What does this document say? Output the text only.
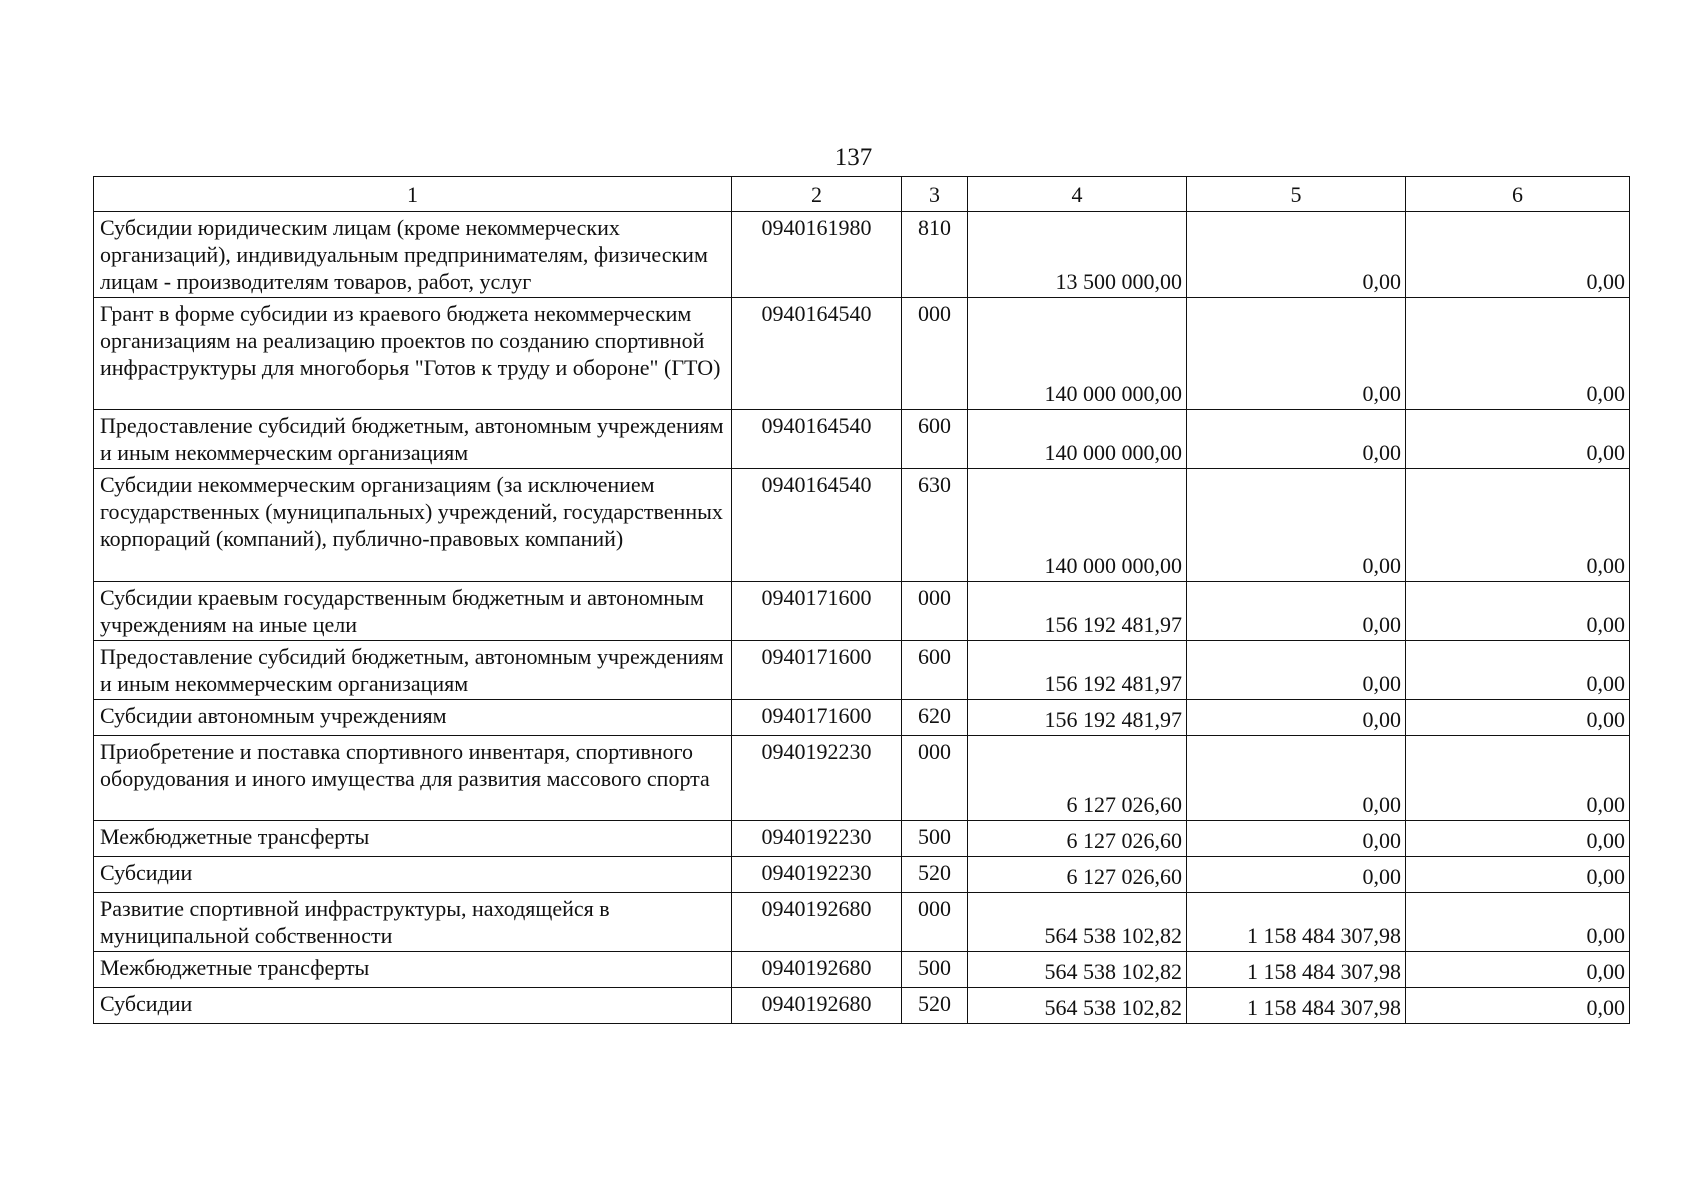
137
1	2	3	4	5	6
Субсидии юридическим лицам (кроме некоммерческих организаций), индивидуальным предпринимателям, физическим лицам - производителям товаров, работ, услуг	0940161980	810	13 500 000,00	0,00	0,00
Грант в форме субсидии из краевого бюджета некоммерческим организациям на реализацию проектов по созданию спортивной инфраструктуры для многоборья "Готов к труду и обороне" (ГТО)	0940164540	000	140 000 000,00	0,00	0,00
Предоставление субсидий бюджетным, автономным учреждениям и иным некоммерческим организациям	0940164540	600	140 000 000,00	0,00	0,00
Субсидии некоммерческим организациям (за исключением государственных (муниципальных) учреждений, государственных корпораций (компаний), публично-правовых компаний)	0940164540	630	140 000 000,00	0,00	0,00
Субсидии краевым государственным бюджетным и автономным учреждениям на иные цели	0940171600	000	156 192 481,97	0,00	0,00
Предоставление субсидий бюджетным, автономным учреждениям и иным некоммерческим организациям	0940171600	600	156 192 481,97	0,00	0,00
Субсидии автономным учреждениям	0940171600	620	156 192 481,97	0,00	0,00
Приобретение и поставка спортивного инвентаря, спортивного оборудования и иного имущества для развития массового спорта	0940192230	000	6 127 026,60	0,00	0,00
Межбюджетные трансферты	0940192230	500	6 127 026,60	0,00	0,00
Субсидии	0940192230	520	6 127 026,60	0,00	0,00
Развитие спортивной инфраструктуры, находящейся в муниципальной собственности	0940192680	000	564 538 102,82	1 158 484 307,98	0,00
Межбюджетные трансферты	0940192680	500	564 538 102,82	1 158 484 307,98	0,00
Субсидии	0940192680	520	564 538 102,82	1 158 484 307,98	0,00
